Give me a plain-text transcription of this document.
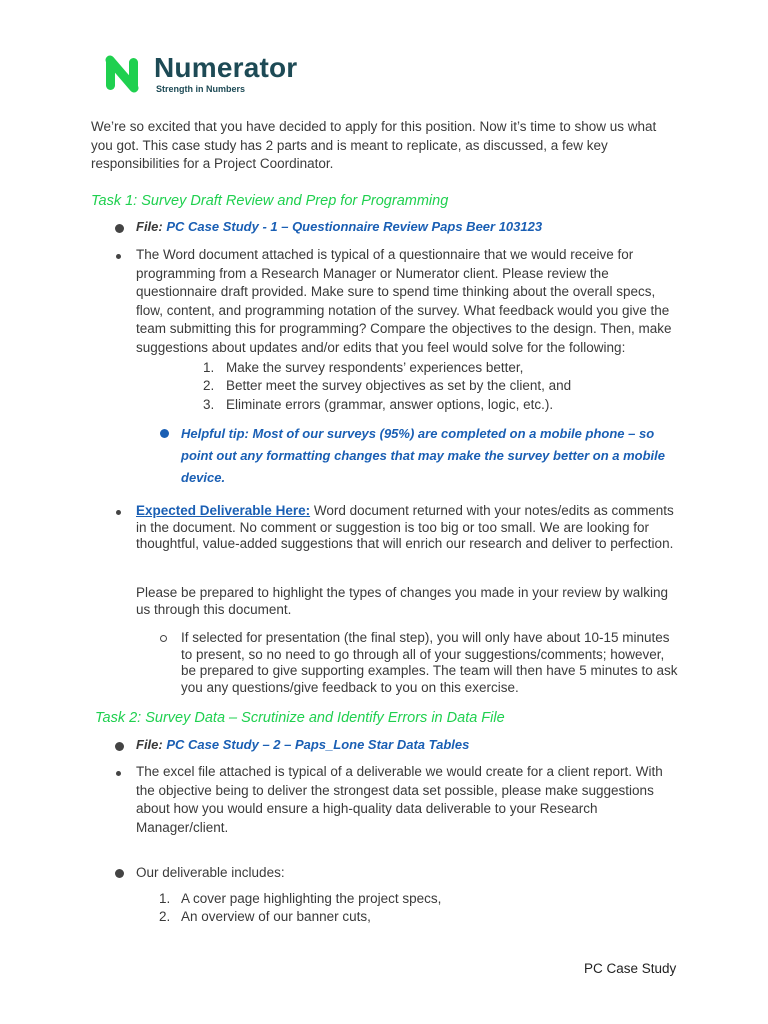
Numerator
Strength in Numbers
We’re so excited that you have decided to apply for this position. Now it’s time to show us what you got. This case study has 2 parts and is meant to replicate, as discussed, a few key responsibilities for a Project Coordinator.
Task 1: Survey Draft Review and Prep for Programming
File: PC Case Study - 1 – Questionnaire Review Paps Beer 103123
The Word document attached is typical of a questionnaire that we would receive for programming from a Research Manager or Numerator client. Please review the questionnaire draft provided. Make sure to spend time thinking about the overall specs, flow, content, and programming notation of the survey. What feedback would you give the team submitting this for programming? Compare the objectives to the design. Then, make suggestions about updates and/or edits that you feel would solve for the following:
1. Make the survey respondents’ experiences better,
2. Better meet the survey objectives as set by the client, and
3. Eliminate errors (grammar, answer options, logic, etc.).
Helpful tip: Most of our surveys (95%) are completed on a mobile phone – so point out any formatting changes that may make the survey better on a mobile device.
Expected Deliverable Here: Word document returned with your notes/edits as comments in the document. No comment or suggestion is too big or too small. We are looking for thoughtful, value-added suggestions that will enrich our research and deliver to perfection.
Please be prepared to highlight the types of changes you made in your review by walking us through this document.
If selected for presentation (the final step), you will only have about 10-15 minutes to present, so no need to go through all of your suggestions/comments; however, be prepared to give supporting examples. The team will then have 5 minutes to ask you any questions/give feedback to you on this exercise.
Task 2: Survey Data – Scrutinize and Identify Errors in Data File
File: PC Case Study – 2 – Paps_Lone Star Data Tables
The excel file attached is typical of a deliverable we would create for a client report. With the objective being to deliver the strongest data set possible, please make suggestions about how you would ensure a high-quality data deliverable to your Research Manager/client.
Our deliverable includes:
1. A cover page highlighting the project specs,
2. An overview of our banner cuts,
PC Case Study
